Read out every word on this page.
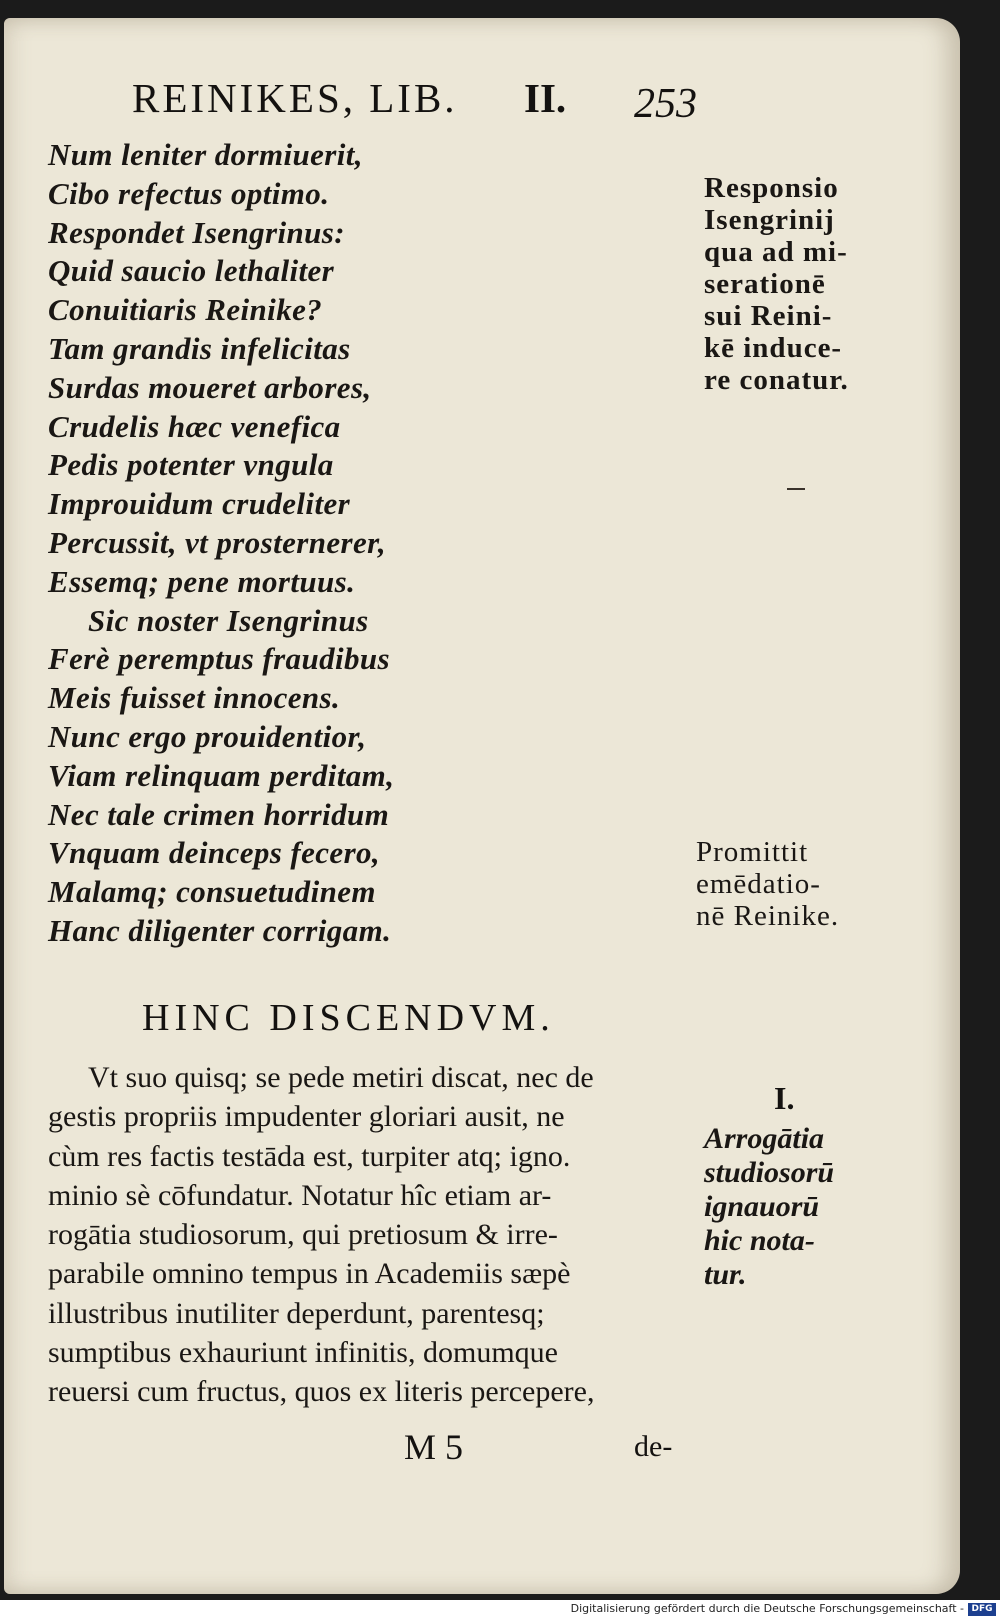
REINIKES, LIB.	II. 253

Num leniter dormiuerit,
Cibo refectus optimo.
Respondet Isengrinus:
Quid saucio lethaliter
Conuitiaris Reinike?
Tam grandis infelicitas
Surdas moueret arbores,
Crudelis hæc venefica
Pedis potenter vngula
Improuidum crudeliter
Percussit, vt prosternerer,
Essemq; pene mortuus.
Sic noster Isengrinus
Ferè peremptus fraudibus
Meis fuisset innocens.
Nunc ergo prouidentior,
Viam relinquam perditam,
Nec tale crimen horridum
Vnquam deinceps fecero,
Malamq; consuetudinem
Hanc diligenter corrigam.
Responsio
Isengrinij
qua ad mi-
serationē
sui Reini-
kē induce-
re conatur.
Promittit
emēdatio-
nē Reinike.

HINC DISCENDVM.

Vt suo quisq; se pede metiri discat, nec de
gestis propriis impudenter gloriari ausit, ne
cùm res factis testāda est, turpiter atq; igno.
minio sè cōfundatur. Notatur hîc etiam ar-
rogātia studiosorum, qui pretiosum & irre-
parabile omnino tempus in Academiis sæpè
illustribus inutiliter deperdunt, parentesq;
sumptibus exhauriunt infinitis, domumque
reuersi cum fructus, quos ex literis percepere,

I.

Arrogātia
studiosorū
ignauorū
hic nota-
tur.

M 5	de-

Digitalisierung gefördert durch die Deutsche Forschungsgemeinschaft - DFG
